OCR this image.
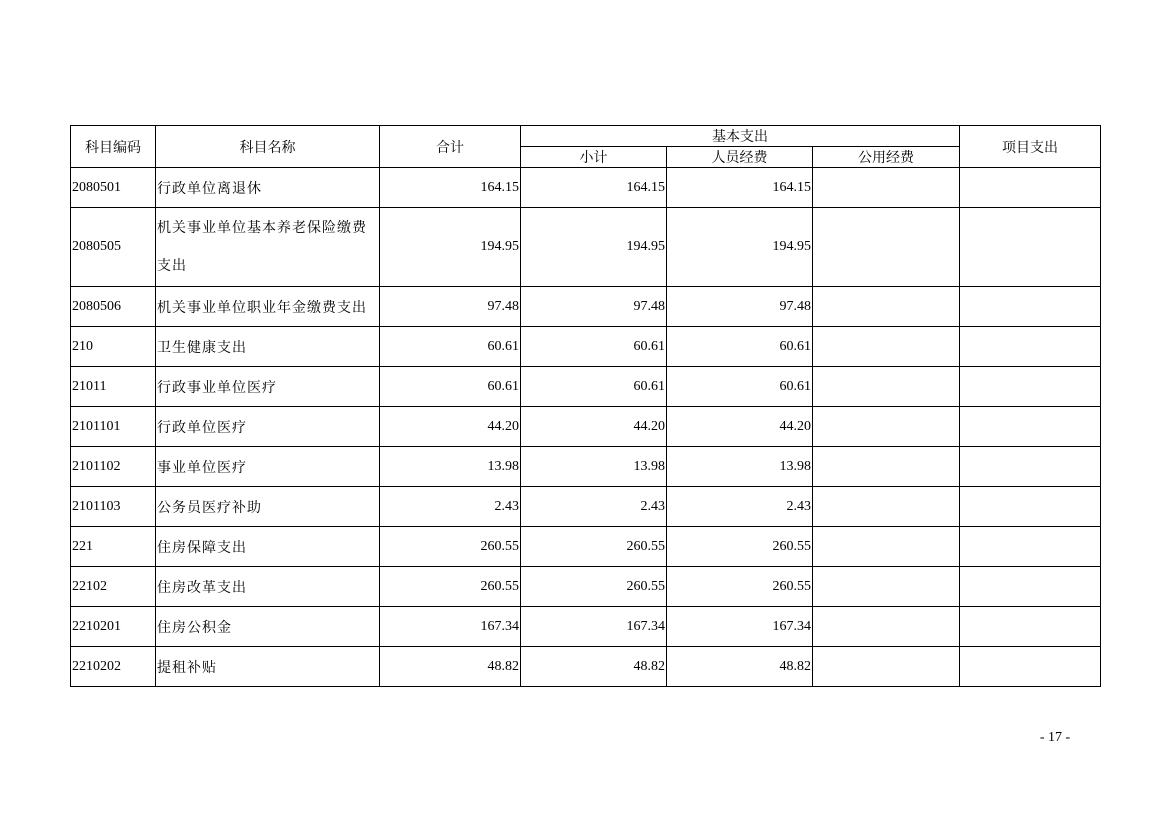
科目编码	科目名称	合计	基本支出			项目支出
			小计	人员经费	公用经费	
2080501	行政单位离退休	164.15	164.15	164.15		
2080505	机关事业单位基本养老保险缴费支出	194.95	194.95	194.95		
2080506	机关事业单位职业年金缴费支出	97.48	97.48	97.48		
210	卫生健康支出	60.61	60.61	60.61		
21011	行政事业单位医疗	60.61	60.61	60.61		
2101101	行政单位医疗	44.20	44.20	44.20		
2101102	事业单位医疗	13.98	13.98	13.98		
2101103	公务员医疗补助	2.43	2.43	2.43		
221	住房保障支出	260.55	260.55	260.55		
22102	住房改革支出	260.55	260.55	260.55		
2210201	住房公积金	167.34	167.34	167.34		
2210202	提租补贴	48.82	48.82	48.82		
- 17 -
